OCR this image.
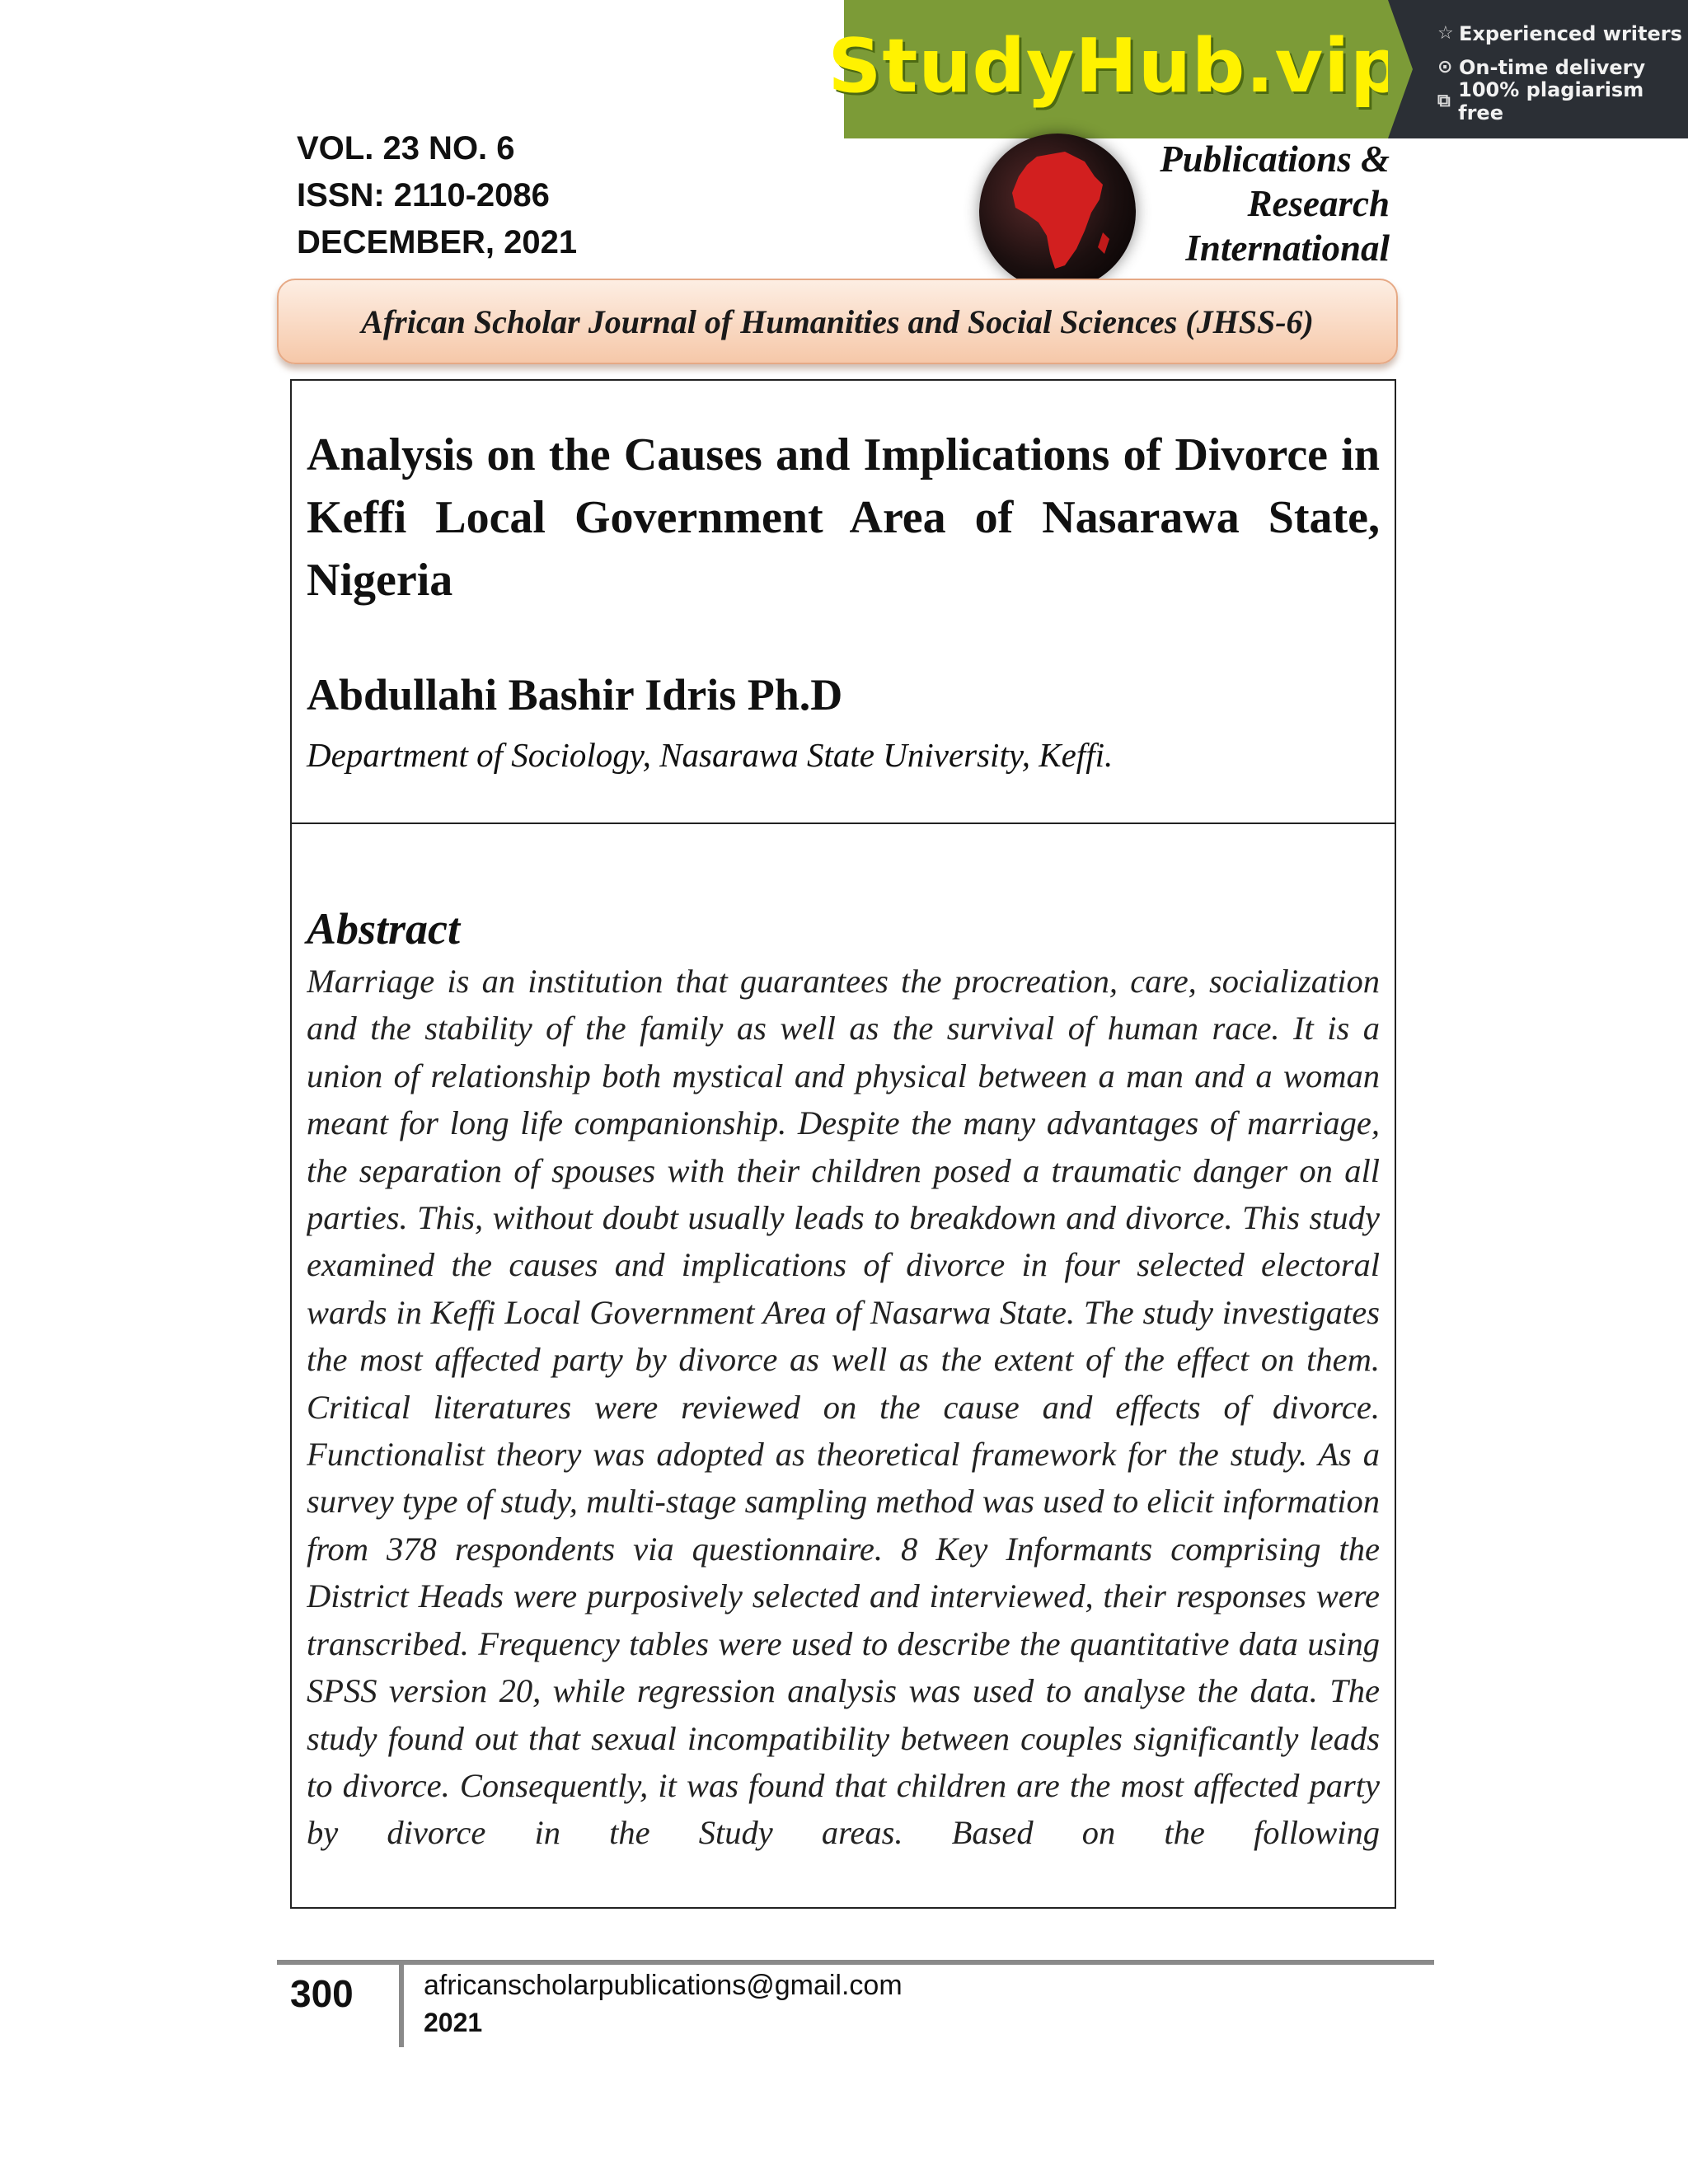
StudyHub.vip ☆ Experienced writers
⊙ On-time delivery
⧉ 100% plagiarism free
VOL. 23 NO. 6
ISSN: 2110-2086
DECEMBER, 2021
Publications &
Research
International
African Scholar Journal of Humanities and Social Sciences (JHSS-6)
Analysis on the Causes and Implications of Divorce in Keffi Local Government Area of Nasarawa State, Nigeria
Abdullahi Bashir Idris Ph.D
Department of Sociology, Nasarawa State University, Keffi.
Abstract
Marriage is an institution that guarantees the procreation, care, socialization and the stability of the family as well as the survival of human race. It is a union of relationship both mystical and physical between a man and a woman meant for long life companionship. Despite the many advantages of marriage, the separation of spouses with their children posed a traumatic danger on all parties. This, without doubt usually leads to breakdown and divorce. This study examined the causes and implications of divorce in four selected electoral wards in Keffi Local Government Area of Nasarwa State. The study investigates the most affected party by divorce as well as the extent of the effect on them. Critical literatures were reviewed on the cause and effects of divorce. Functionalist theory was adopted as theoretical framework for the study. As a survey type of study, multi-stage sampling method was used to elicit information from 378 respondents via questionnaire. 8 Key Informants comprising the District Heads were purposively selected and interviewed, their responses were transcribed. Frequency tables were used to describe the quantitative data using SPSS version 20, while regression analysis was used to analyse the data. The study found out that sexual incompatibility between couples significantly leads to divorce. Consequently, it was found that children are the most affected party by divorce in the Study areas. Based on the following
300	africanscholarpublications@gmail.com
2021
